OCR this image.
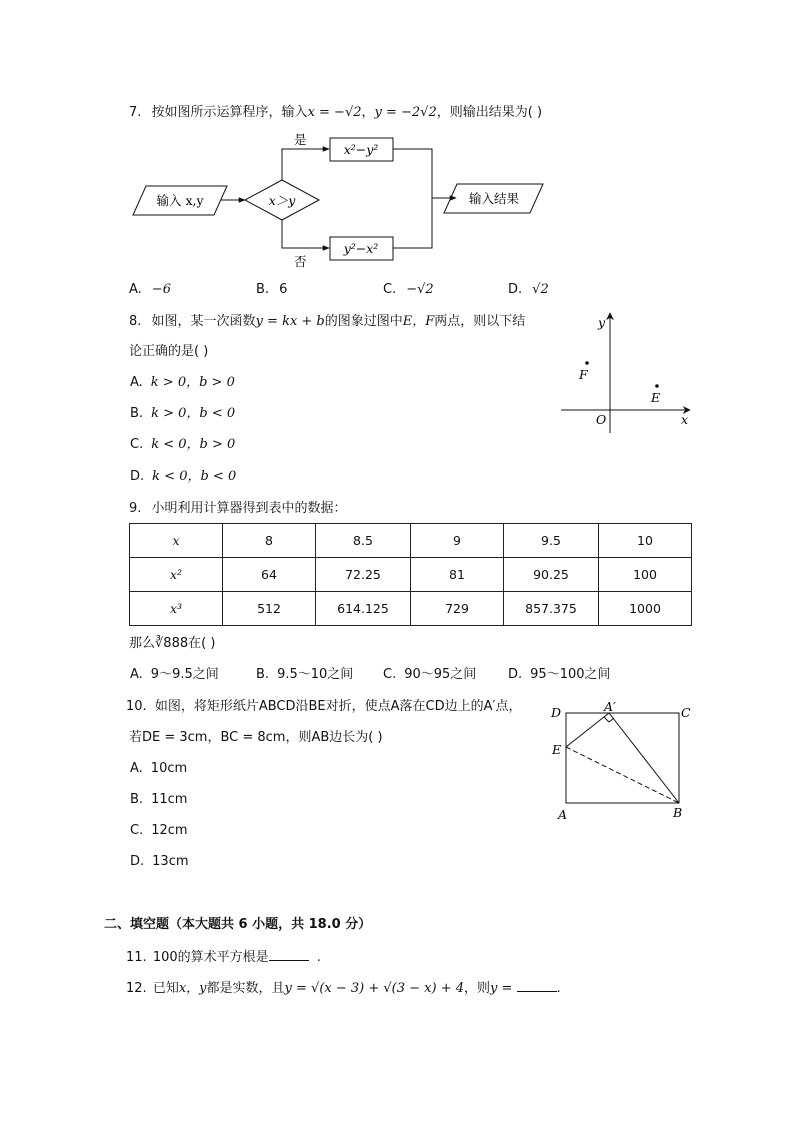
7. 按如图所示运算程序，输入x = −√2，y = −2√2，则输出结果为( )
输入 x,y	x＞y
是
x²−y²
否
y²−x²
输入结果
A. −6	B. 6	C. −√2	D. √2
8. 如图，某一次函数y = kx + b的图象过图中E，F两点，则以下结
论正确的是( )
A. k > 0，b > 0
B. k > 0，b < 0
C. k < 0，b > 0
D. k < 0，b < 0
y
x
O
F
E
9. 小明利用计算器得到表中的数据：
x	8	8.5	9	9.5	10
x²	64	72.25	81	90.25	100
x³	512	614.125	729	857.375	1000
那么∛888在( )
A. 9～9.5之间	B. 9.5～10之间 C. 90～95之间 D. 95～100之间
10. 如图，将矩形纸片ABCD沿BE对折，使点A落在CD边上的A′点，
若DE = 3cm，BC = 8cm，则AB边长为( )
A. 10cm
B. 11cm
C. 12cm
D. 13cm
D	A′	C
E
A	B
二、填空题（本大题共 6 小题，共 18.0 分）
11. 100的算术平方根是	.
12. 已知x，y都是实数，且y = √(x − 3) + √(3 − x) + 4，则y =	.
